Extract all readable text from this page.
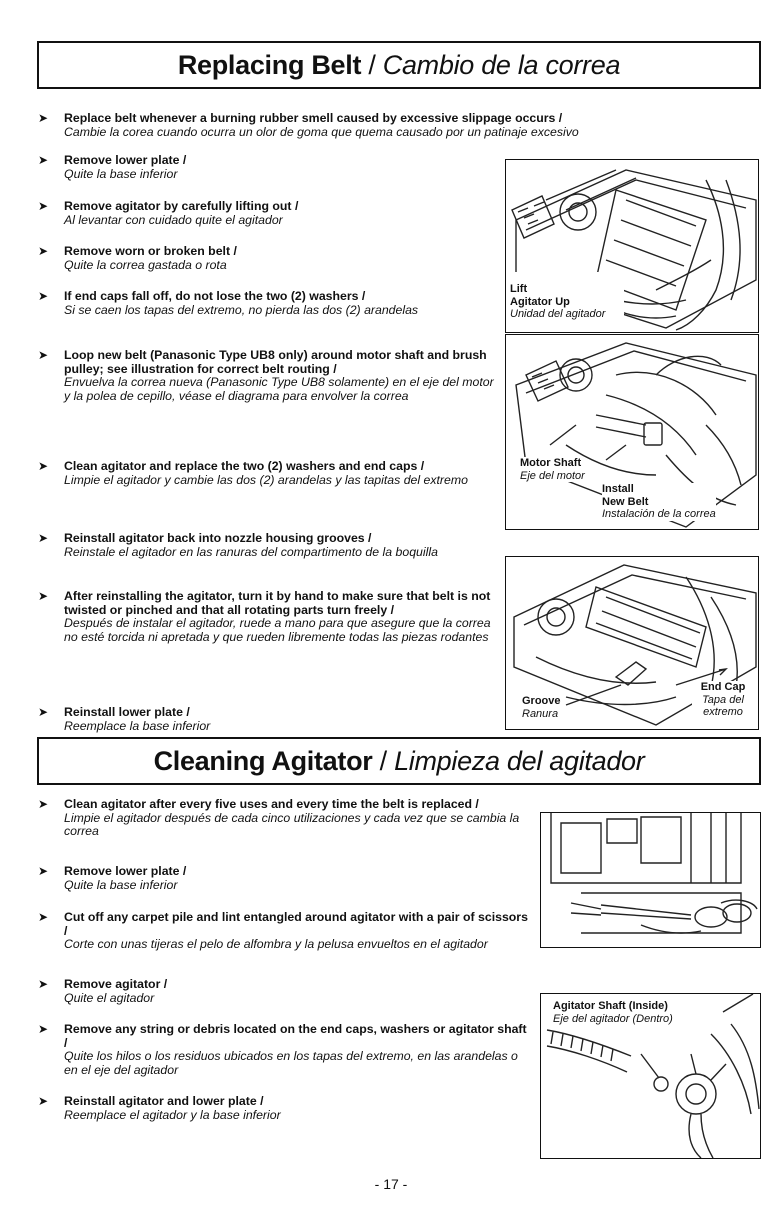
Replacing Belt / Cambio de la correa
➤ Replace belt whenever a burning rubber smell caused by excessive slippage occurs /
Cambie la corea cuando ocurra un olor de goma que quema causado por un patinaje excesivo
➤ Remove lower plate /
Quite la base inferior
➤ Remove agitator by carefully lifting out /
Al levantar con cuidado quite el agitador
➤ Remove worn or broken belt /
Quite la correa gastada o rota
➤ If end caps fall off, do not lose the two (2) washers /
Si se caen los tapas del extremo, no pierda las dos (2) arandelas
➤ Loop new belt (Panasonic Type UB8 only) around motor shaft and brush pulley; see illustration for correct belt routing /
Envuelva la correa nueva (Panasonic Type UB8 solamente) en el eje del motor y la polea de cepillo, véase el diagrama para envolver la correa
➤ Clean agitator and replace the two (2) washers and end caps /
Limpie el agitador y cambie las dos (2) arandelas y las tapitas del extremo
➤ Reinstall agitator back into nozzle housing grooves /
Reinstale el agitador en las ranuras del compartimento de la boquilla
➤ After reinstalling the agitator, turn it by hand to make sure that belt is not twisted or pinched and that all rotating parts turn freely /
Después de instalar el agitador, ruede a mano para que asegure que la correa no esté torcida ni apretada y que rueden libremente todas las piezas rodantes
➤ Reinstall lower plate /
Reemplace la base inferior
Lift
Agitator Up
Unidad del agitador
Motor Shaft
Eje del motor
Install
New Belt
Instalación de la correa
Groove
Ranura
End Cap
Tapa del
extremo
Cleaning Agitator / Limpieza del agitador
➤ Clean agitator after every five uses and every time the belt is replaced /
Limpie el agitador después de cada cinco utilizaciones y cada vez que se cambia la correa
➤ Remove lower plate /
Quite la base inferior
➤ Cut off any carpet pile and lint entangled around agitator with a pair of scissors /
Corte con unas tijeras el pelo de alfombra y la pelusa envueltos en el agitador
➤ Remove agitator /
Quite el agitador
➤ Remove any string or debris located on the end caps, washers or agitator shaft /
Quite los hilos o los residuos ubicados en los tapas del extremo, en las arandelas o en el eje del agitador
➤ Reinstall agitator and lower plate /
Reemplace el agitador y la base inferior
Agitator Shaft (Inside)
Eje del agitador (Dentro)
- 17 -
